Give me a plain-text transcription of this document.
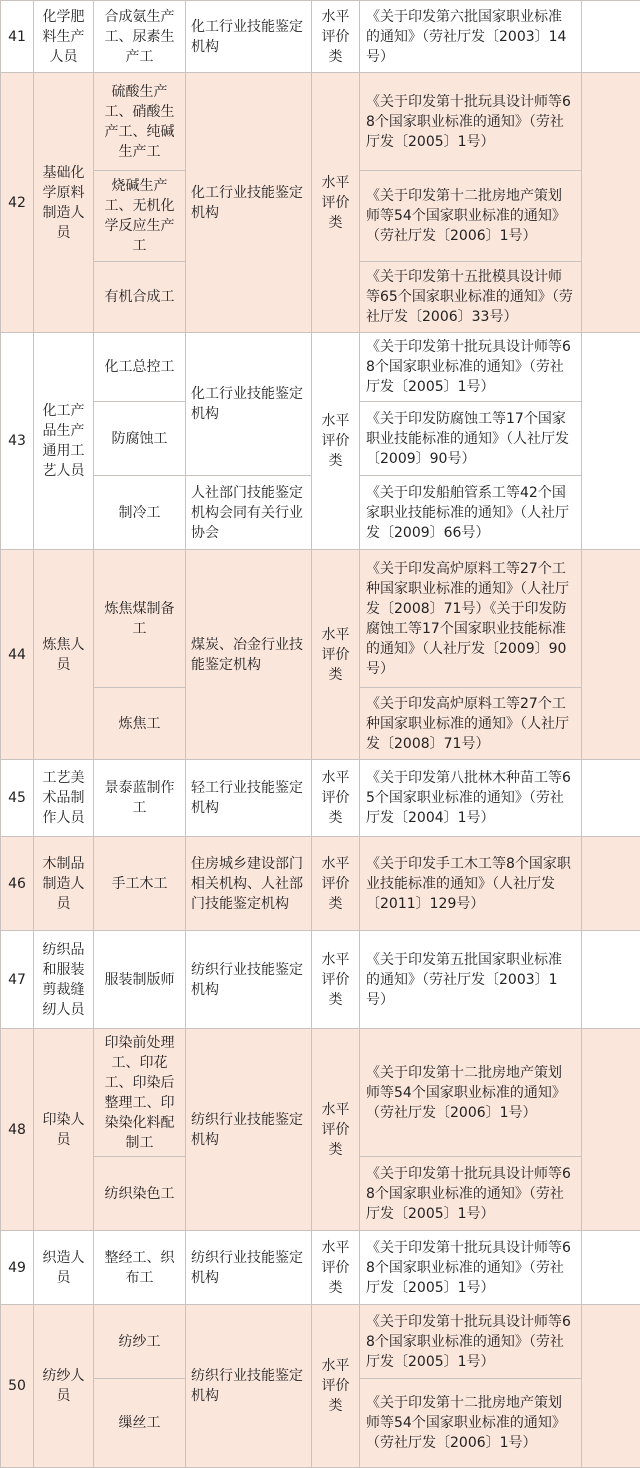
41	化学肥料生产人员	合成氨生产工、尿素生产工	化工行业技能鉴定机构	水平评价类	《关于印发第六批国家职业标准的通知》（劳社厅发〔2003〕14号）	
42	基础化学原料制造人员	硫酸生产工、硝酸生产工、纯碱生产工	化工行业技能鉴定机构	水平评价类	《关于印发第十批玩具设计师等68个国家职业标准的通知》（劳社厅发〔2005〕1号）	
		烧碱生产工、无机化学反应生产工			《关于印发第十二批房地产策划师等54个国家职业标准的通知》（劳社厅发〔2006〕1号）	
		有机合成工			《关于印发第十五批模具设计师等65个国家职业标准的通知》（劳社厅发〔2006〕33号）	
43	化工产品生产通用工艺人员	化工总控工	化工行业技能鉴定机构	水平评价类	《关于印发第十批玩具设计师等68个国家职业标准的通知》（劳社厅发〔2005〕1号）	
		防腐蚀工			《关于印发防腐蚀工等17个国家职业技能标准的通知》（人社厅发〔2009〕90号）	
		制冷工	人社部门技能鉴定机构会同有关行业协会		《关于印发船舶管系工等42个国家职业技能标准的通知》（人社厅发〔2009〕66号）	
44	炼焦人员	炼焦煤制备工	煤炭、冶金行业技能鉴定机构	水平评价类	《关于印发高炉原料工等27个工种国家职业标准的通知》（人社厅发〔2008〕71号）《关于印发防腐蚀工等17个国家职业技能标准的通知》（人社厅发〔2009〕90号）	
		炼焦工			《关于印发高炉原料工等27个工种国家职业标准的通知》（人社厅发〔2008〕71号）	
45	工艺美术品制作人员	景泰蓝制作工	轻工行业技能鉴定机构	水平评价类	《关于印发第八批林木种苗工等65个国家职业标准的通知》（劳社厅发〔2004〕1号）	
46	木制品制造人员	手工木工	住房城乡建设部门相关机构、人社部门技能鉴定机构	水平评价类	《关于印发手工木工等8个国家职业技能标准的通知》（人社厅发〔2011〕129号）	
47	纺织品和服装剪裁缝纫人员	服装制版师	纺织行业技能鉴定机构	水平评价类	《关于印发第五批国家职业标准的通知》（劳社厅发〔2003〕1号）	
48	印染人员	印染前处理工、印花工、印染后整理工、印染染化料配制工	纺织行业技能鉴定机构	水平评价类	《关于印发第十二批房地产策划师等54个国家职业标准的通知》（劳社厅发〔2006〕1号）	
		纺织染色工			《关于印发第十批玩具设计师等68个国家职业标准的通知》（劳社厅发〔2005〕1号）	
49	织造人员	整经工、织布工	纺织行业技能鉴定机构	水平评价类	《关于印发第十批玩具设计师等68个国家职业标准的通知》（劳社厅发〔2005〕1号）	
50	纺纱人员	纺纱工	纺织行业技能鉴定机构	水平评价类	《关于印发第十批玩具设计师等68个国家职业标准的通知》（劳社厅发〔2005〕1号）	
		缫丝工			《关于印发第十二批房地产策划师等54个国家职业标准的通知》（劳社厅发〔2006〕1号）	
